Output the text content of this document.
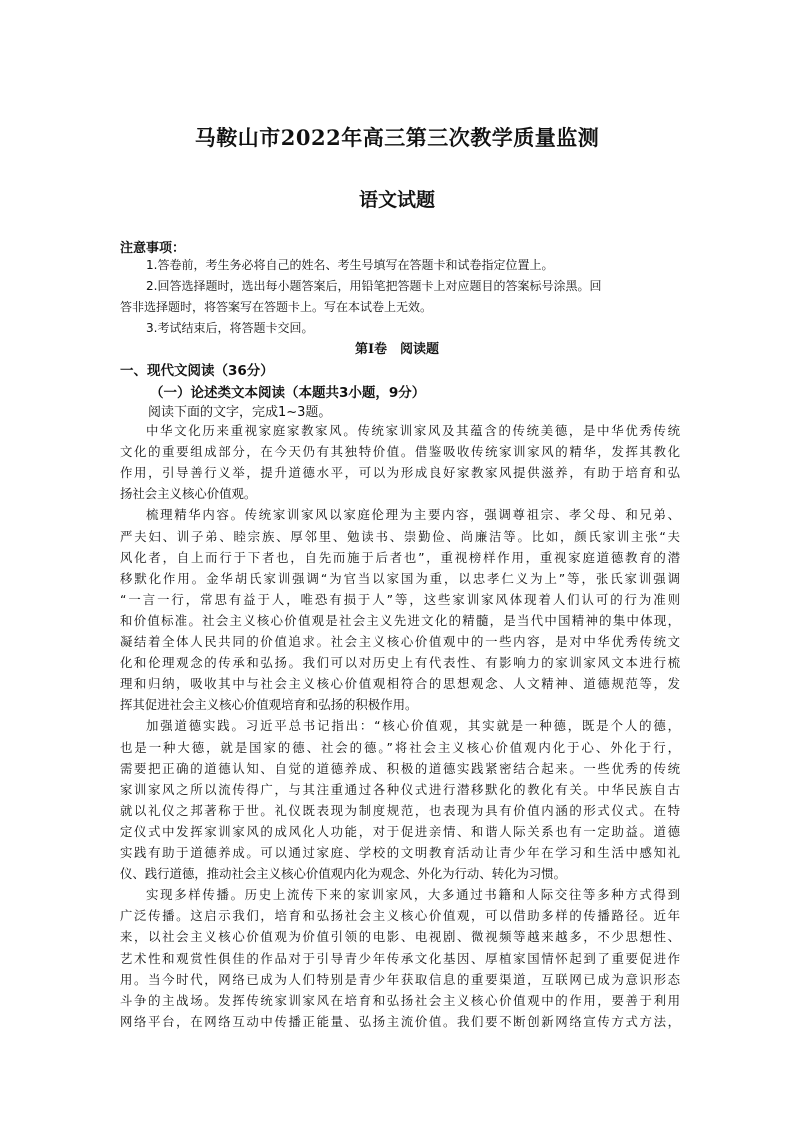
马鞍山市2022年高三第三次教学质量监测
语文试题
注意事项：
1.答卷前，考生务必将自己的姓名、考生号填写在答题卡和试卷指定位置上。
2.回答选择题时，选出每小题答案后，用铅笔把答题卡上对应题目的答案标号涂黑。回
答非选择题时，将答案写在答题卡上。写在本试卷上无效。
3.考试结束后，将答题卡交回。
第Ⅰ卷　阅读题
一、现代文阅读（36分）
（一）论述类文本阅读（本题共3小题，9分）
阅读下面的文字，完成1~3题。
中华文化历来重视家庭家教家风。传统家训家风及其蕴含的传统美德，是中华优秀传统
文化的重要组成部分，在今天仍有其独特价值。借鉴吸收传统家训家风的精华，发挥其教化
作用，引导善行义举，提升道德水平，可以为形成良好家教家风提供滋养，有助于培育和弘
扬社会主义核心价值观。
梳理精华内容。传统家训家风以家庭伦理为主要内容，强调尊祖宗、孝父母、和兄弟、
严夫妇、训子弟、睦宗族、厚邻里、勉读书、崇勤俭、尚廉洁等。比如，颜氏家训主张“夫
风化者，自上而行于下者也，自先而施于后者也”，重视榜样作用，重视家庭道德教育的潜
移默化作用。金华胡氏家训强调“为官当以家国为重，以忠孝仁义为上”等，张氏家训强调
“一言一行，常思有益于人，唯恐有损于人”等，这些家训家风体现着人们认可的行为准则
和价值标准。社会主义核心价值观是社会主义先进文化的精髓，是当代中国精神的集中体现，
凝结着全体人民共同的价值追求。社会主义核心价值观中的一些内容，是对中华优秀传统文
化和伦理观念的传承和弘扬。我们可以对历史上有代表性、有影响力的家训家风文本进行梳
理和归纳，吸收其中与社会主义核心价值观相符合的思想观念、人文精神、道德规范等，发
挥其促进社会主义核心价值观培育和弘扬的积极作用。
加强道德实践。习近平总书记指出：“核心价值观，其实就是一种德，既是个人的德，
也是一种大德，就是国家的德、社会的德。”将社会主义核心价值观内化于心、外化于行，
需要把正确的道德认知、自觉的道德养成、积极的道德实践紧密结合起来。一些优秀的传统
家训家风之所以流传得广，与其注重通过各种仪式进行潜移默化的教化有关。中华民族自古
就以礼仪之邦著称于世。礼仪既表现为制度规范，也表现为具有价值内涵的形式仪式。在特
定仪式中发挥家训家风的成风化人功能，对于促进亲情、和谐人际关系也有一定助益。道德
实践有助于道德养成。可以通过家庭、学校的文明教育活动让青少年在学习和生活中感知礼
仪、践行道德，推动社会主义核心价值观内化为观念、外化为行动、转化为习惯。
实现多样传播。历史上流传下来的家训家风，大多通过书籍和人际交往等多种方式得到
广泛传播。这启示我们，培育和弘扬社会主义核心价值观，可以借助多样的传播路径。近年
来，以社会主义核心价值观为价值引领的电影、电视剧、微视频等越来越多，不少思想性、
艺术性和观赏性俱佳的作品对于引导青少年传承文化基因、厚植家国情怀起到了重要促进作
用。当今时代，网络已成为人们特别是青少年获取信息的重要渠道，互联网已成为意识形态
斗争的主战场。发挥传统家训家风在培育和弘扬社会主义核心价值观中的作用，要善于利用
网络平台，在网络互动中传播正能量、弘扬主流价值。我们要不断创新网络宣传方式方法，
